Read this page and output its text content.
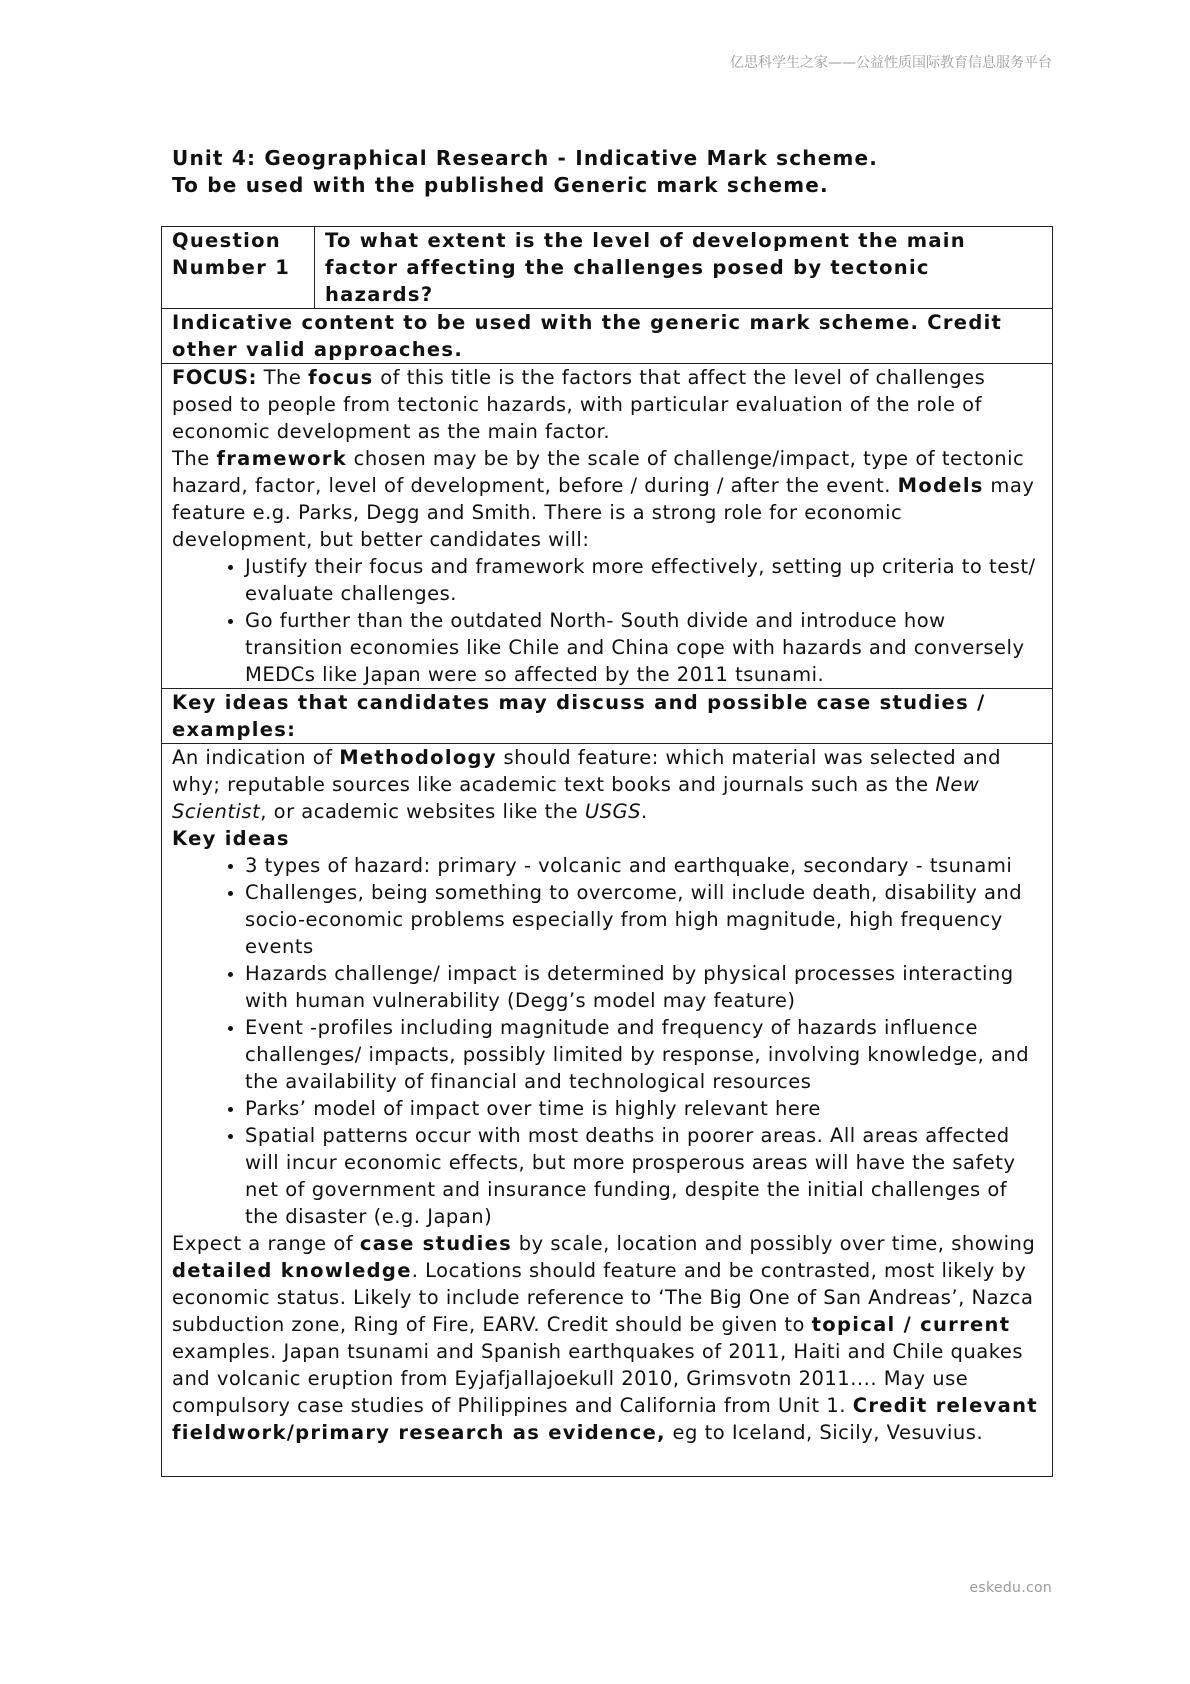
亿思科学生之家——公益性质国际教育信息服务平台
Unit 4: Geographical Research - Indicative Mark scheme.
To be used with the published Generic mark scheme.
Question Number 1	To what extent is the level of development the main factor affecting the challenges posed by tectonic hazards?
Indicative content to be used with the generic mark scheme. Credit other valid approaches.

FOCUS: The focus of this title is the factors that affect the level of challenges posed to people from tectonic hazards, with particular evaluation of the role of economic development as the main factor.
The framework chosen may be by the scale of challenge/impact, type of tectonic hazard, factor, level of development, before / during / after the event. Models may feature e.g. Parks, Degg and Smith. There is a strong role for economic development, but better candidates will:
• Justify their focus and framework more effectively, setting up criteria to test/ evaluate challenges.
• Go further than the outdated North- South divide and introduce how transition economies like Chile and China cope with hazards and conversely MEDCs like Japan were so affected by the 2011 tsunami.

Key ideas that candidates may discuss and possible case studies / examples:

An indication of Methodology should feature: which material was selected and why; reputable sources like academic text books and journals such as the New Scientist, or academic websites like the USGS.
Key ideas
• 3 types of hazard: primary - volcanic and earthquake, secondary - tsunami
• Challenges, being something to overcome, will include death, disability and socio-economic problems especially from high magnitude, high frequency events
• Hazards challenge/ impact is determined by physical processes interacting with human vulnerability (Degg’s model may feature)
• Event -profiles including magnitude and frequency of hazards influence challenges/ impacts, possibly limited by response, involving knowledge, and the availability of financial and technological resources
• Parks’ model of impact over time is highly relevant here
• Spatial patterns occur with most deaths in poorer areas. All areas affected will incur economic effects, but more prosperous areas will have the safety net of government and insurance funding, despite the initial challenges of the disaster (e.g. Japan)
Expect a range of case studies by scale, location and possibly over time, showing detailed knowledge. Locations should feature and be contrasted, most likely by economic status. Likely to include reference to ‘The Big One of San Andreas’, Nazca subduction zone, Ring of Fire, EARV. Credit should be given to topical / current examples. Japan tsunami and Spanish earthquakes of 2011, Haiti and Chile quakes and volcanic eruption from Eyjafjallajoekull 2010, Grimsvotn 2011.... May use compulsory case studies of Philippines and California from Unit 1. Credit relevant fieldwork/primary research as evidence, eg to Iceland, Sicily, Vesuvius.
eskedu.con
